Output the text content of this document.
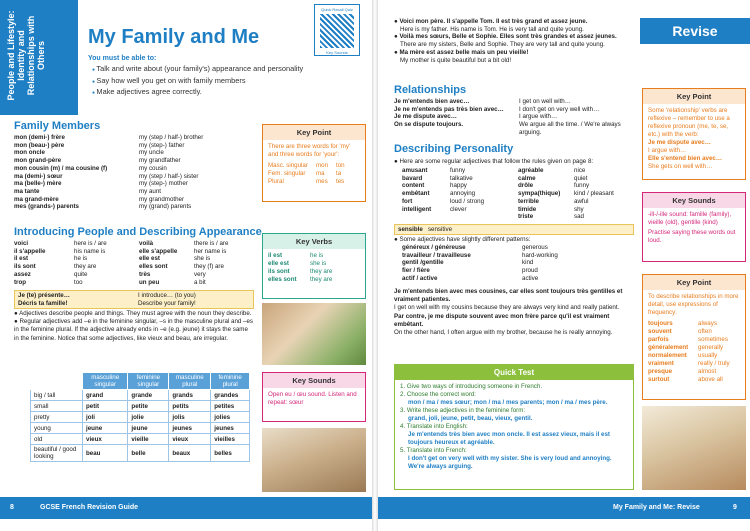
People and Lifestyle: Identity and Relationships with Others
My Family and Me
Quick Recall Quiz
Key Sounds
You must be able to:
● Talk and write about (your family's) appearance and personality
● Say how well you get on with family members
● Make adjectives agree correctly.
Family Members
mon (demi-) frère	my (step / half-) brother
mon (beau-) père	my (step-) father
mon oncle	my uncle
mon grand-père	my grandfather
mon cousin (m) / ma cousine (f)	my cousin
ma (demi-) sœur	my (step / half-) sister
ma (belle-) mère	my (step-) mother
ma tante	my aunt
ma grand-mère	my grandmother
mes (grands-) parents	my (grand) parents
Key Point
There are three words for 'my' and three words for 'your':
Masc. singular	mon	ton
Fem. singular	ma	ta
Plural	mes	tes
Introducing People and Describing Appearance
voici	here is / are	voilà	there is / are
il s'appelle	his name is	elle s'appelle	her name is
il est	he is	elle est	she is
ils sont	they are	elles sont	they (f) are
assez	quite	très	very
trop	too	un peu	a bit
Je (te) présente…	I introduce… (to you)
Décris ta famille!	Describe your family!
Key Verbs
il est	he is
elle est	she is
ils sont	they are
elles sont	they are
● Adjectives describe people and things. They must agree with the noun they describe.
● Regular adjectives add –e in the feminine singular, –s in the masculine plural and –es in the feminine plural. If the adjective already ends in –e (e.g. jeune) it stays the same in the feminine. Notice that some adjectives, like vieux and beau, are irregular.
	masculine singular	feminine singular	masculine plural	feminine plural
big / tall	grand	grande	grands	grandes
small	petit	petite	petits	petites
pretty	joli	jolie	jolis	jolies
young	jeune	jeune	jeunes	jeunes
old	vieux	vieille	vieux	vieilles
beautiful / good looking	beau	belle	beaux	belles
Key Sounds
Open eu / œu sound. Listen and repeat: sœur
8	GCSE French Revision Guide
● Voici mon père. Il s'appelle Tom. Il est très grand et assez jeune.
Here is my father. His name is Tom. He is very tall and quite young.
● Voilà mes sœurs, Belle et Sophie. Elles sont très grandes et assez jeunes.
There are my sisters, Belle and Sophie. They are very tall and quite young.
● Ma mère est assez belle mais un peu vieille!
My mother is quite beautiful but a bit old!
Revise
Relationships
Je m'entends bien avec…	I get on well with…
Je ne m'entends pas très bien avec…	I don't get on very well with…
Je me dispute avec…	I argue with…
On se dispute toujours.	We argue all the time. / We're always arguing.
Describing Personality
● Here are some regular adjectives that follow the rules given on page 8:
amusant	funny	agréable	nice
bavard	talkative	calme	quiet
content	happy	drôle	funny
embêtant	annoying	sympa(thique)	kind / pleasant
fort	loud / strong	terrible	awful
intelligent	clever	timide	shy
triste	sad
sensible sensitive
● Some adjectives have slightly different patterns:
généreux / généreuse	generous
travailleur / travailleuse	hard-working
gentil /gentille	kind
fier / fière	proud
actif / active	active
Je m'entends bien avec mes cousines, car elles sont toujours très gentilles et vraiment patientes.
I get on well with my cousins because they are always very kind and really patient.
Par contre, je me dispute souvent avec mon frère parce qu'il est vraiment embêtant.
On the other hand, I often argue with my brother, because he is really annoying.
Quick Test
1. Give two ways of introducing someone in French.
2. Choose the correct word:
mon / ma / mes sœur; mon / ma / mes parents; mon / ma / mes père.
3. Write these adjectives in the feminine form:
grand, joli, jeune, petit, beau, vieux, gentil.
4. Translate into English:
Je m'entends très bien avec mon oncle. Il est assez vieux, mais il est toujours heureux et agréable.
5. Translate into French:
I don't get on very well with my sister. She is very loud and annoying. We're always arguing.
Key Point
Some 'relationship' verbs are reflexive – remember to use a reflexive pronoun (me, te, se, etc.) with the verb:
Je me dispute avec…
I argue with…
Elle s'entend bien avec…
She gets on well with…
Key Sounds
-ill-/-ille sound: famille (family), vieille (old), gentille (kind)
Practise saying these words out loud.
Key Point
To describe relationships in more detail, use expressions of frequency:
toujours	always
souvent	often
parfois	sometimes
généralement	generally
normalement	usually
vraiment	really / truly
presque	almost
surtout	above all
My Family and Me: Revise	9
